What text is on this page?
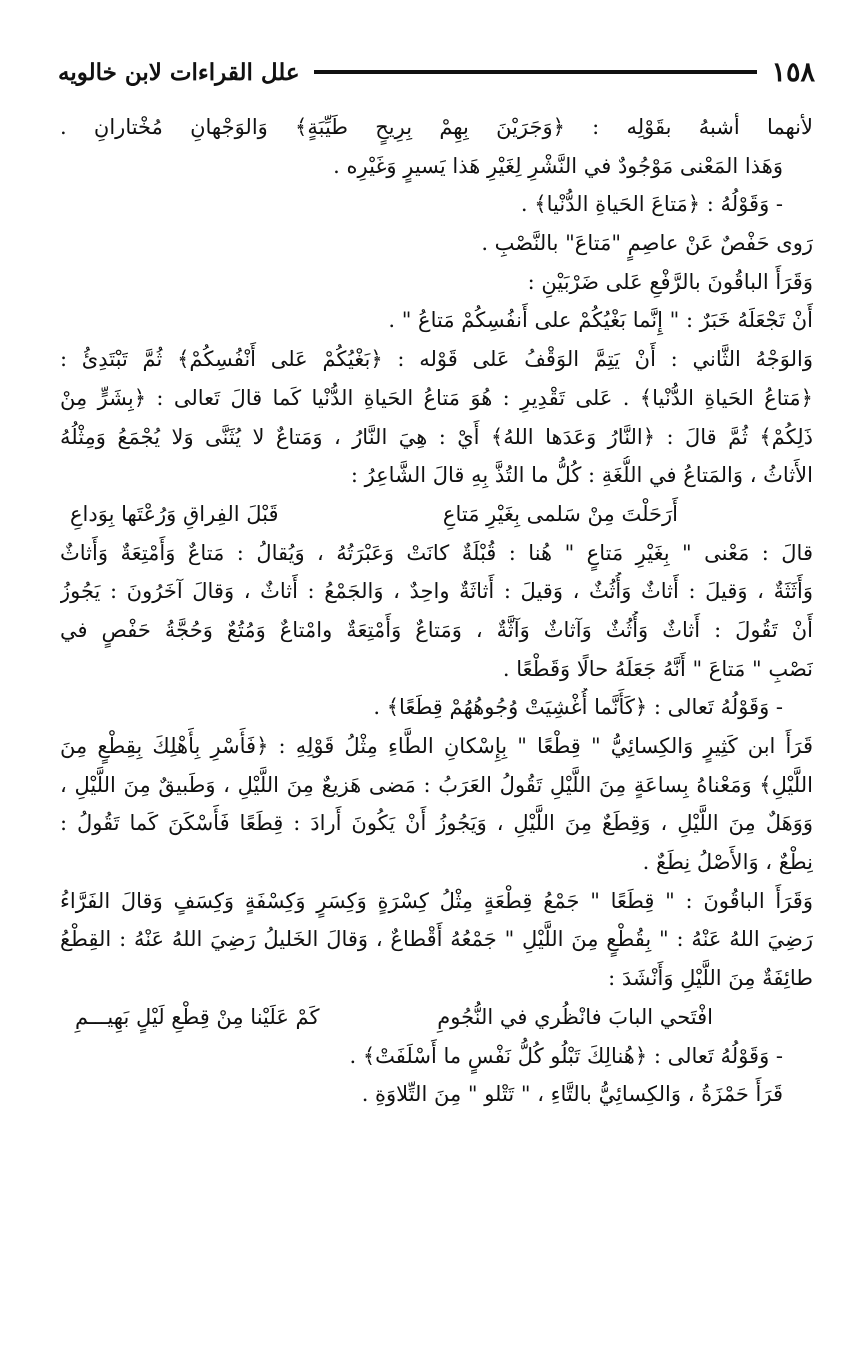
١٥٨
علل القراءات لابن خالويه
لأنهما أشبهُ بقَوْلِه : ﴿وَجَرَيْنَ بِهِمْ بِرِيحٍ طَيِّبَةٍ﴾ وَالوَجْهانِ مُخْتارانِ .
وَهَذا المَعْنى مَوْجُودٌ في النَّشْرِ لِغَيْرِ هَذا يَسيرٍ وَغَيْرِه .
- وَقَوْلُهُ : ﴿مَتاعَ الحَياةِ الدُّنْيا﴾ .
رَوى حَفْصٌ عَنْ عاصِمٍ "مَتاعَ" بالنَّصْبِ .
وَقَرَأَ الباقُونَ بالرَّفْعِ عَلى ضَرْبَيْنِ :
أَنْ تَجْعَلَهُ خَبَرٌ : " إِنَّما بَغْيُكُمْ على أَنفُسِكُمْ مَتاعُ " .
وَالوَجْهُ الثَّاني : أَنْ يَتِمَّ الوَقْفُ عَلى قَوْله : ﴿بَغْيُكُمْ عَلى أَنْفُسِكُمْ﴾ ثُمَّ تَبْتَدِئُ :
﴿مَتاعُ الحَياةِ الدُّنْيا﴾ . عَلى تَقْدِيرِ : هُوَ مَتاعُ الحَياةِ الدُّنْيا كَما قالَ تَعالى : ﴿بِشَرٍّ مِنْ
ذَلِكُمْ﴾ ثُمَّ قالَ : ﴿النَّارُ وَعَدَها اللهُ﴾ أَيْ : هِيَ النَّارُ ، وَمَتاعٌ لا يُثَنَّى وَلا يُجْمَعُ وَمِثْلُهُ
الأَثاثُ ، وَالمَتاعُ في اللُّغَةِ : كُلُّ ما التُذَّ بِهِ قالَ الشَّاعِرُ :
أَرَحَلْتَ مِنْ سَلمى بِغَيْرِ مَتاعِ
قَبْلَ الفِراقِ وَرُعْتَها بِوَداعِ
قالَ : مَعْنى " بِغَيْرِ مَتاعٍ " هُنا : قُبْلَةٌ كانَتْ وَعَبْرَتُهُ ، وَيُقالُ : مَتاعٌ وَأَمْتِعَةٌ وَأَثاثٌ
وَأَثَثَةٌ ، وَقيلَ : أَثاثٌ وَأُثُثٌ ، وَقيلَ : أَثاثَةٌ واحِدٌ ، وَالجَمْعُ : أَثاثٌ ، وَقالَ آخَرُونَ : يَجُوزُ
أَنْ تَقُولَ : أَثاثٌ وَأُثُثٌ وَآثاثٌ وَآثَّةٌ ، وَمَتاعٌ وَأَمْتِعَةٌ وامْتاعٌ وَمُتُعٌ وَحُجَّةُ حَفْصٍ في
نَصْبِ " مَتاعَ " أَنَّهُ جَعَلَهُ حالًا وَقَطْعًا .
- وَقَوْلُهُ تَعالى : ﴿كَأَنَّما أُغْشِيَتْ وُجُوهُهُمْ قِطَعًا﴾ .
قَرَأَ ابن كَثِيرٍ وَالكِسائِيُّ " قِطْعًا " بِإِسْكانِ الطَّاءِ مِثْلُ قَوْلِهِ : ﴿فَأَسْرِ بِأَهْلِكَ بِقِطْعٍ مِنَ
اللَّيْلِ﴾ وَمَعْناهُ بِساعَةٍ مِنَ اللَّيْلِ تَقُولُ العَرَبُ : مَضى هَزيعٌ مِنَ اللَّيْلِ ، وَطَبيقٌ مِنَ اللَّيْلِ ،
وَوَهَلٌ مِنَ اللَّيْلِ ، وَقِطَعٌ مِنَ اللَّيْلِ ، وَيَجُوزُ أَنْ يَكُونَ أَرادَ : قِطَعًا فَأَسْكَنَ كَما تَقُولُ :
نِطْعٌ ، وَالأَصْلُ نِطَعٌ .
وَقَرَأَ الباقُونَ : " قِطَعًا " جَمْعُ قِطْعَةٍ مِثْلُ كِسْرَةٍ وَكِسَرٍ وَكِسْفَةٍ وَكِسَفٍ وَقالَ الفَرَّاءُ
رَضِيَ اللهُ عَنْهُ : " بِقُطْعٍ مِنَ اللَّيْلِ " جَمْعُهُ أَقْطاعٌ ، وَقالَ الخَليلُ رَضِيَ اللهُ عَنْهُ : القِطْعُ
طائِفَةٌ مِنَ اللَّيْلِ وَأَنْشَدَ :
افْتَحي البابَ فانْظُري في النُّجُومِ
كَمْ عَلَيْنا مِنْ قِطْعِ لَيْلٍ بَهِيـــمِ
- وَقَوْلُهُ تَعالى : ﴿هُنالِكَ تَبْلُو كُلُّ نَفْسٍ ما أَسْلَفَتْ﴾ .
قَرَأَ حَمْزَةُ ، وَالكِسائِيُّ بالتَّاءِ ، " تَتْلو " مِنَ التِّلاوَةِ .
